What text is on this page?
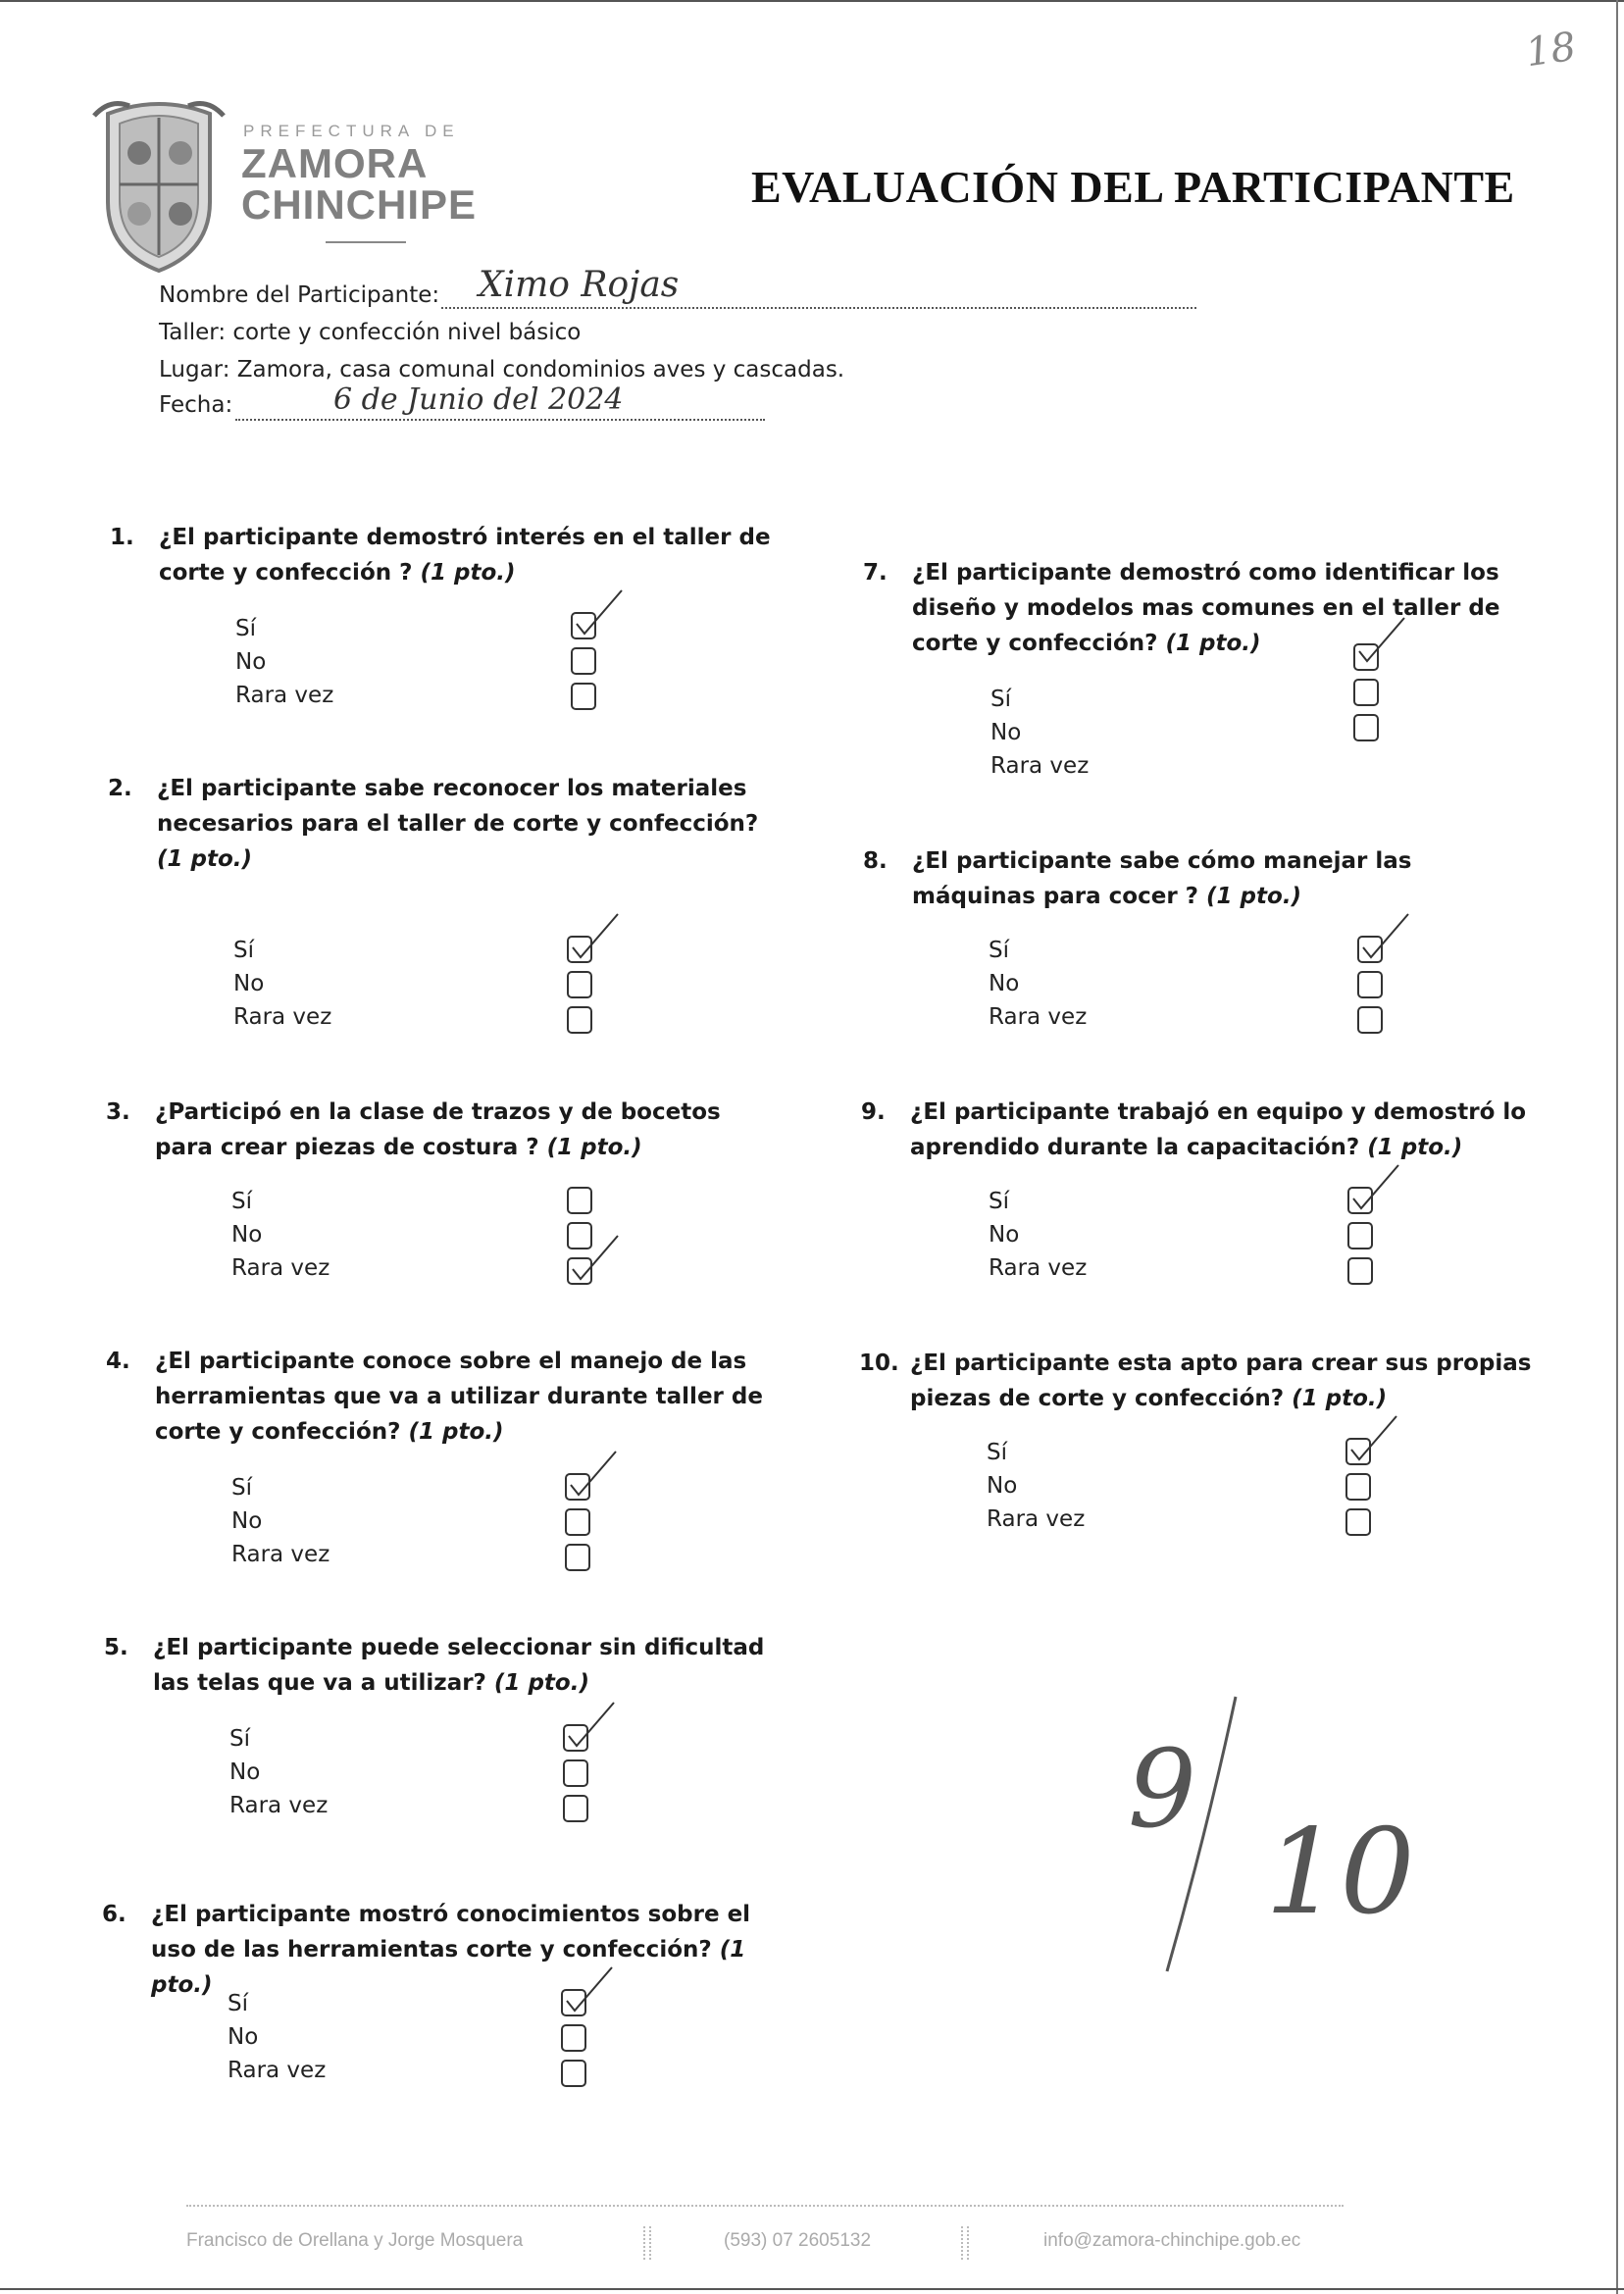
18
PREFECTURA DE
ZAMORA
CHINCHIPE	EVALUACIÓN DEL PARTICIPANTE
Nombre del Participante: Ximo Rojas
Taller: corte y confección nivel básico
Lugar: Zamora, casa comunal condominios aves y cascadas.
Fecha:	6 de Junio del 2024
1. ¿El participante demostró interés en el taller de corte y confección ? (1 pto.)
Sí
No
Rara vez
2. ¿El participante sabe reconocer los materiales necesarios para el taller de corte y confección? (1 pto.)
Sí
No
Rara vez
3. ¿Participó en la clase de trazos y de bocetos para crear piezas de costura ? (1 pto.)
Sí
No
Rara vez
4. ¿El participante conoce sobre el manejo de las herramientas que va a utilizar durante taller de corte y confección? (1 pto.)
Sí
No
Rara vez
5. ¿El participante puede seleccionar sin dificultad las telas que va a utilizar? (1 pto.)
Sí
No
Rara vez
6. ¿El participante mostró conocimientos sobre el uso de las herramientas corte y confección? (1 pto.)
Sí
No
Rara vez
7. ¿El participante demostró como identificar los diseño y modelos mas comunes en el taller de corte y confección? (1 pto.)
Sí
No
Rara vez
8. ¿El participante sabe cómo manejar las máquinas para cocer ? (1 pto.)
Sí
No
Rara vez
9. ¿El participante trabajó en equipo y demostró lo aprendido durante la capacitación? (1 pto.)
Sí
No
Rara vez
10. ¿El participante esta apto para crear sus propias piezas de corte y confección? (1 pto.)
Sí
No
Rara vez
9
10
Francisco de Orellana y Jorge Mosquera	(593) 07 2605132	info@zamora-chinchipe.gob.ec
